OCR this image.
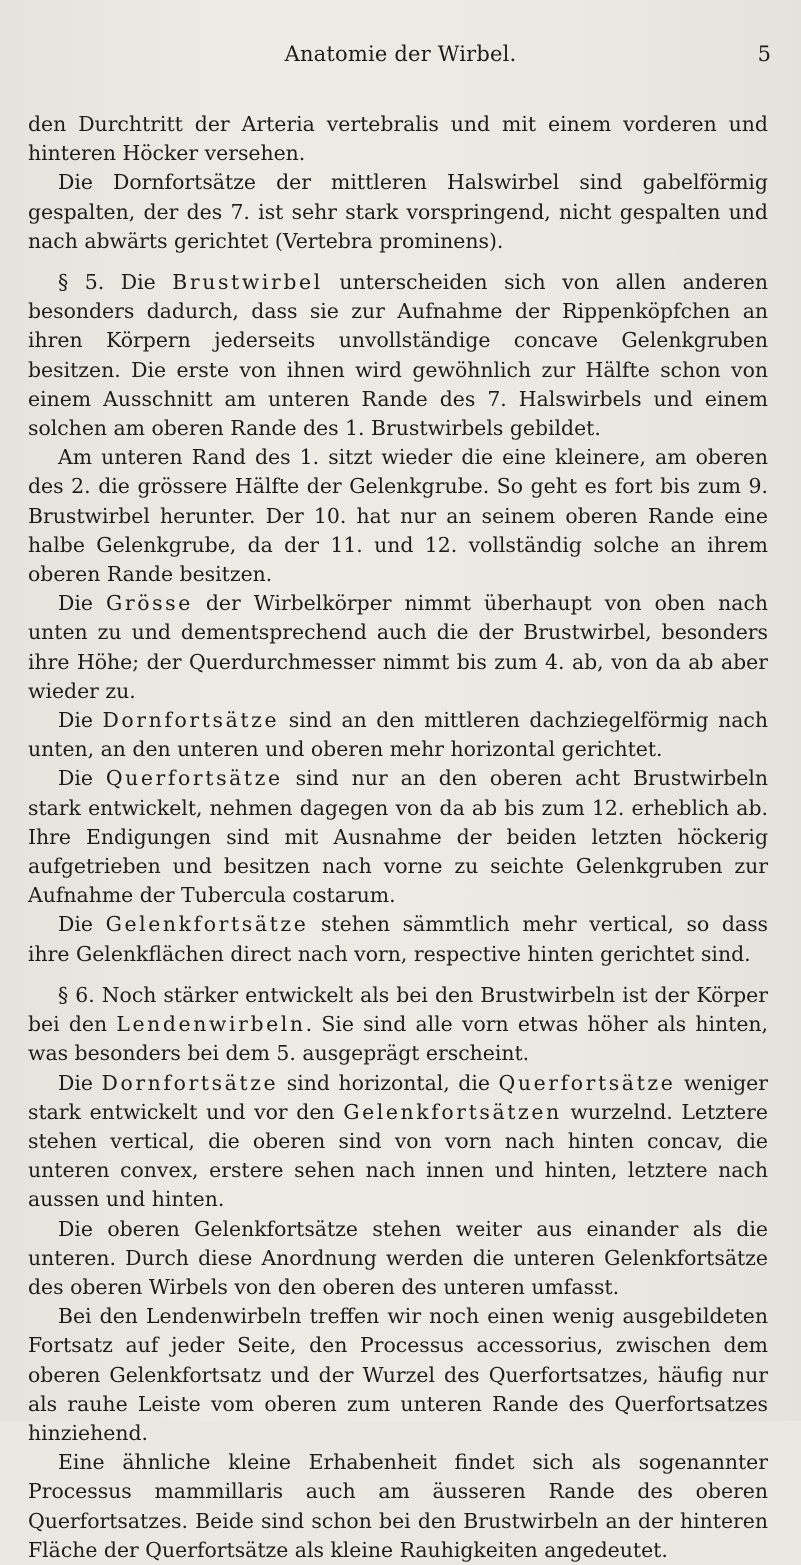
Anatomie der Wirbel.	5

den Durchtritt der Arteria vertebralis und mit einem vorderen und hinteren Höcker versehen.

Die Dornfortsätze der mittleren Halswirbel sind gabelförmig gespalten, der des 7. ist sehr stark vorspringend, nicht gespalten und nach abwärts gerichtet (Vertebra prominens).

§ 5. Die Brustwirbel unterscheiden sich von allen anderen besonders dadurch, dass sie zur Aufnahme der Rippenköpfchen an ihren Körpern jederseits unvollständige concave Gelenkgruben besitzen. Die erste von ihnen wird gewöhnlich zur Hälfte schon von einem Ausschnitt am unteren Rande des 7. Halswirbels und einem solchen am oberen Rande des 1. Brustwirbels gebildet.

Am unteren Rand des 1. sitzt wieder die eine kleinere, am oberen des 2. die grössere Hälfte der Gelenkgrube. So geht es fort bis zum 9. Brustwirbel herunter. Der 10. hat nur an seinem oberen Rande eine halbe Gelenkgrube, da der 11. und 12. vollständig solche an ihrem oberen Rande besitzen.

Die Grösse der Wirbelkörper nimmt überhaupt von oben nach unten zu und dementsprechend auch die der Brustwirbel, besonders ihre Höhe; der Querdurchmesser nimmt bis zum 4. ab, von da ab aber wieder zu.

Die Dornfortsätze sind an den mittleren dachziegelförmig nach unten, an den unteren und oberen mehr horizontal gerichtet.

Die Querfortsätze sind nur an den oberen acht Brustwirbeln stark entwickelt, nehmen dagegen von da ab bis zum 12. erheblich ab. Ihre Endigungen sind mit Ausnahme der beiden letzten höckerig aufgetrieben und besitzen nach vorne zu seichte Gelenkgruben zur Aufnahme der Tubercula costarum.

Die Gelenkfortsätze stehen sämmtlich mehr vertical, so dass ihre Gelenkflächen direct nach vorn, respective hinten gerichtet sind.

§ 6. Noch stärker entwickelt als bei den Brustwirbeln ist der Körper bei den Lendenwirbeln. Sie sind alle vorn etwas höher als hinten, was besonders bei dem 5. ausgeprägt erscheint.

Die Dornfortsätze sind horizontal, die Querfortsätze weniger stark entwickelt und vor den Gelenkfortsätzen wurzelnd. Letztere stehen vertical, die oberen sind von vorn nach hinten concav, die unteren convex, erstere sehen nach innen und hinten, letztere nach aussen und hinten.

Die oberen Gelenkfortsätze stehen weiter aus einander als die unteren. Durch diese Anordnung werden die unteren Gelenkfortsätze des oberen Wirbels von den oberen des unteren umfasst.

Bei den Lendenwirbeln treffen wir noch einen wenig ausgebildeten Fortsatz auf jeder Seite, den Processus accessorius, zwischen dem oberen Gelenkfortsatz und der Wurzel des Querfortsatzes, häufig nur als rauhe Leiste vom oberen zum unteren Rande des Querfortsatzes hinziehend.

Eine ähnliche kleine Erhabenheit findet sich als sogenannter Processus mammillaris auch am äusseren Rande des oberen Querfortsatzes. Beide sind schon bei den Brustwirbeln an der hinteren Fläche der Querfortsätze als kleine Rauhigkeiten angedeutet.
